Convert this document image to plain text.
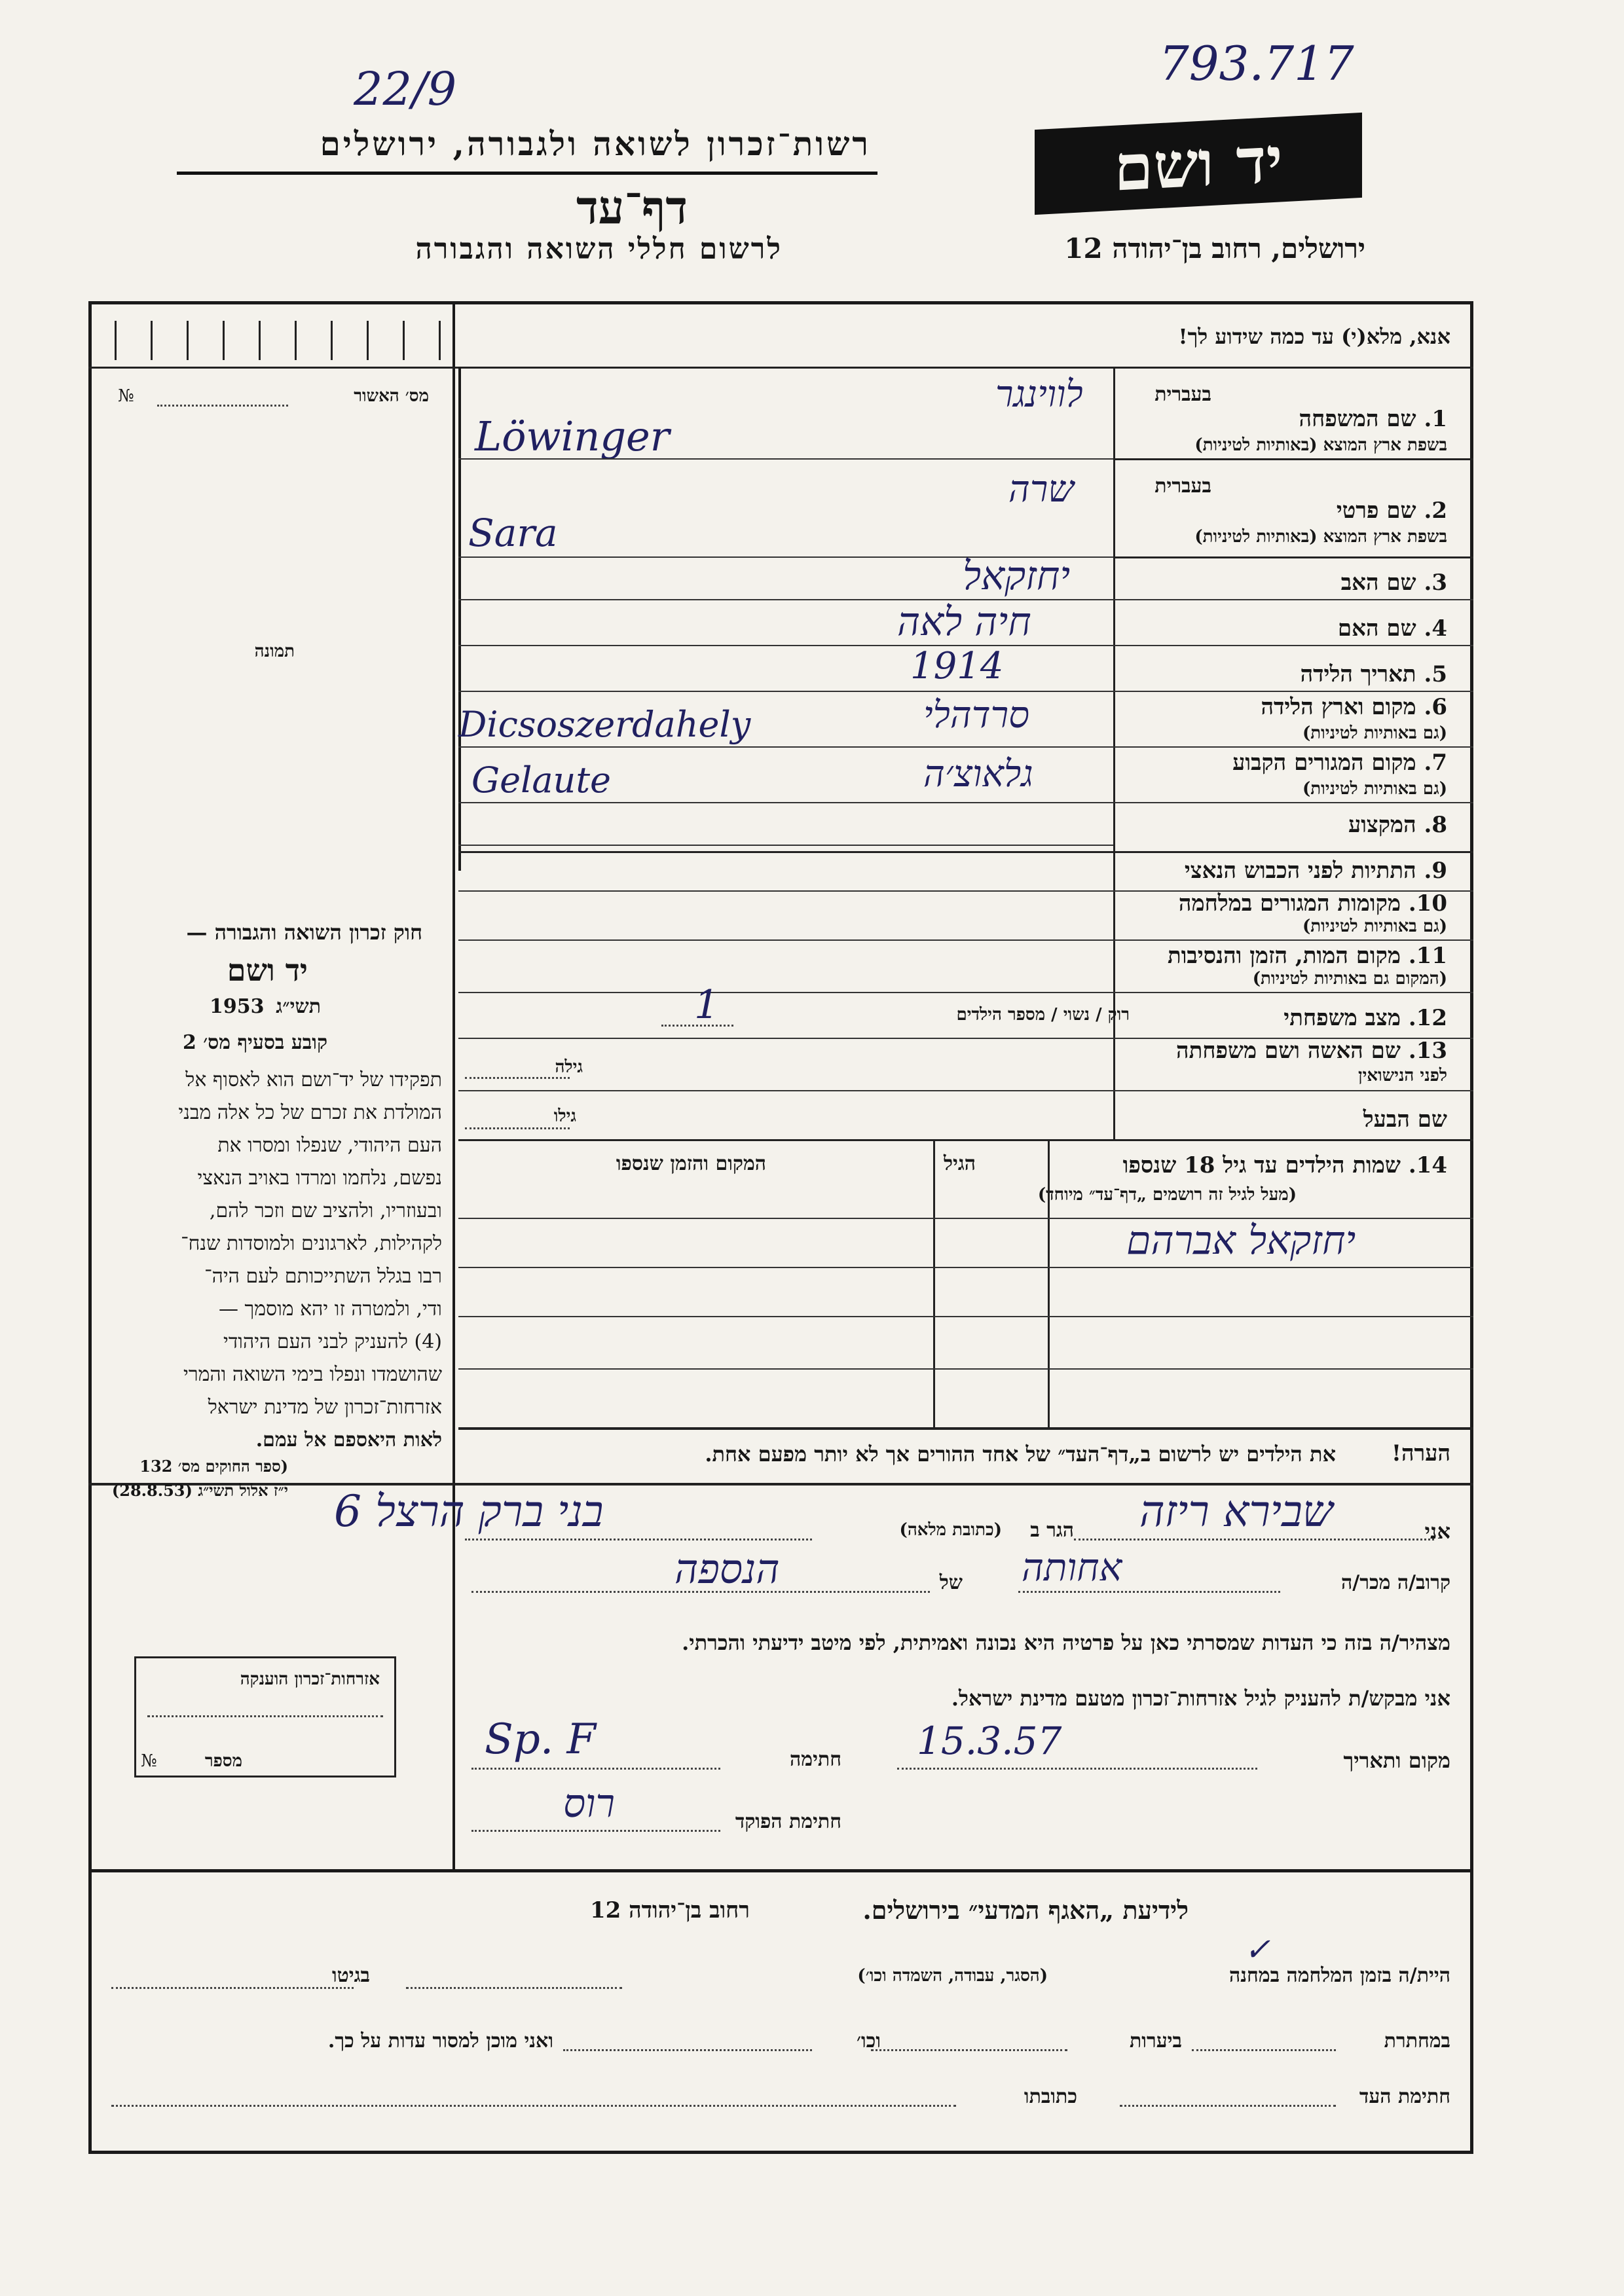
22/9	793.717
רשות־זכרון לשואה ולגבורה, ירושלים
דף־עד
לרשום חללי השואה והגבורה
יד ושם
ירושלים, רחוב בן־יהודה 12
מס׳ האשור
№
אנא, מלא(י) עד כמה שידוע לך!
תמונה
בעברית
1. שם המשפחה
בשפת ארץ המוצא (באותיות לטיניות)
לווינגר
Löwinger
בעברית
2. שם פרטי
בשפת ארץ המוצא (באותיות לטיניות)
שרה
Sara
3. שם האב
יחזקאל
4. שם האם
חיה לאה
5. תאריך הלידה
1914
6. מקום וארץ הלידה
(גם באותיות לטיניות)
סרדהלי
Dicsoszerdahely
7. מקום המגורים הקבוע
(גם באותיות לטיניות)
גלאוצ׳ה
Gelaute
8. המקצוע
9. התתיות לפני הכבוש הנאצי
10. מקומות המגורים במלחמה
(גם באותיות לטיניות)
11. מקום המות, הזמן והנסיבות
(המקום גם באותיות לטיניות)
12. מצב משפחתי
רוק / נשוי / מספר הילדים
1
13. שם האשה ושם משפחתה
לפני הנישואין
גילה
שם הבעל
גילו
14. שמות הילדים עד גיל 18 שנספו
(מעל לגיל זה רושמים „דף־עד״ מיוחד)
הגיל
המקום והזמן שנספו
יחזקאל אברהם
הערה!
את הילדים יש לרשום ב„דף־העד״ של אחד ההורים אך לא יותר מפעם אחת.
חוק זכרון השואה והגבורה —
יד ושם
תשי״ג
1953
קובע בסעיף מס׳ 2
תפקידו של יד־ושם הוא לאסוף אל
המולדת את זכרם של כל אלה מבני
העם היהודי, שנפלו ומסרו את
נפשם, נלחמו ומרדו באויב הנאצי
ובעוזריו, ולהציב שם וזכר להם,
לקהילות, לארגונים ולמוסדות שנח־
רבו בגלל השתייכותם לעם היה־
ודי, ולמטרה זו יהא מוסמך —
(4) להעניק לבני העם היהודי
שהושמדו ונפלו בימי השואה והמרי
אזרחות־זכרון של מדינת ישראל
לאות היאספם אל עמם.
(ספר החוקים מס׳ 132
י״ז אלול תשי״ג (28.8.53)
אזרחות־זכרון הוענקה
№	מספר
אני
שבירא ריזה
הגר ב
(כתובת מלאה)
בני ברק הרצל 6
קרוב/ה מכר/ה
אחותה
של
הנספה
מצהיר/ה בזה כי העדות שמסרתי כאן על פרטיה היא נכונה ואמיתית, לפי מיטב ידיעתי והכרתי.
אני מבקש/ת להעניק לגיל אזרחות־זכרון מטעם מדינת ישראל.
מקום ותאריך
15.3.57
חתימה
Sp. F
חתימת הפוקד
רוס
לידיעת „האגף המדעי״ בירושלים.
רחוב בן־יהודה 12
היית/ה בזמן המלחמה במחנה
(הסגר, עבודה, השמדה וכו׳)
בגיטו
✓
במחתרת
ביערות
וכו׳
ואני מוכן למסור עדות על כך.
חתימת העד
כתובתו
